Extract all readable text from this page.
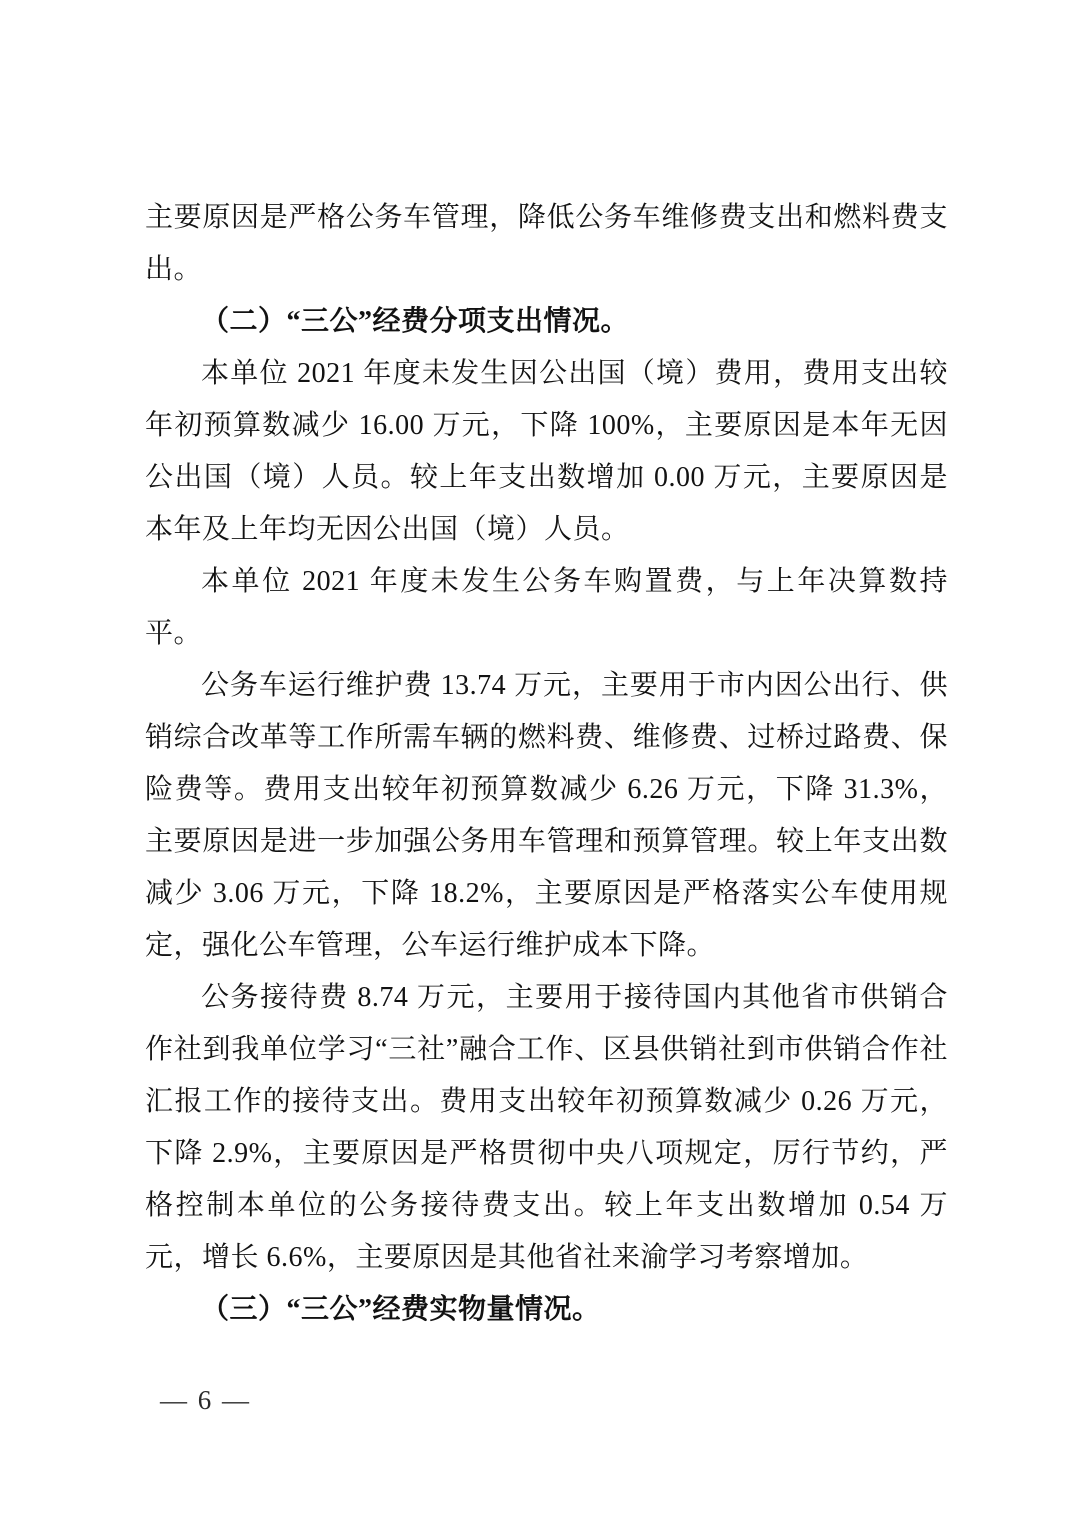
主要原因是严格公务车管理，降低公务车维修费支出和燃料费支出。

（二）“三公”经费分项支出情况。

本单位 2021 年度未发生因公出国（境）费用，费用支出较年初预算数减少 16.00 万元，下降 100%，主要原因是本年无因公出国（境）人员。较上年支出数增加 0.00 万元，主要原因是本年及上年均无因公出国（境）人员。

本单位 2021 年度未发生公务车购置费，与上年决算数持平。

公务车运行维护费 13.74 万元，主要用于市内因公出行、供销综合改革等工作所需车辆的燃料费、维修费、过桥过路费、保险费等。费用支出较年初预算数减少 6.26 万元，下降 31.3%，主要原因是进一步加强公务用车管理和预算管理。较上年支出数减少 3.06 万元，下降 18.2%，主要原因是严格落实公车使用规定，强化公车管理，公车运行维护成本下降。

公务接待费 8.74 万元，主要用于接待国内其他省市供销合作社到我单位学习“三社”融合工作、区县供销社到市供销合作社汇报工作的接待支出。费用支出较年初预算数减少 0.26 万元，下降 2.9%，主要原因是严格贯彻中央八项规定，厉行节约，严格控制本单位的公务接待费支出。较上年支出数增加 0.54 万元，增长 6.6%，主要原因是其他省社来渝学习考察增加。

（三）“三公”经费实物量情况。

— 6 —
